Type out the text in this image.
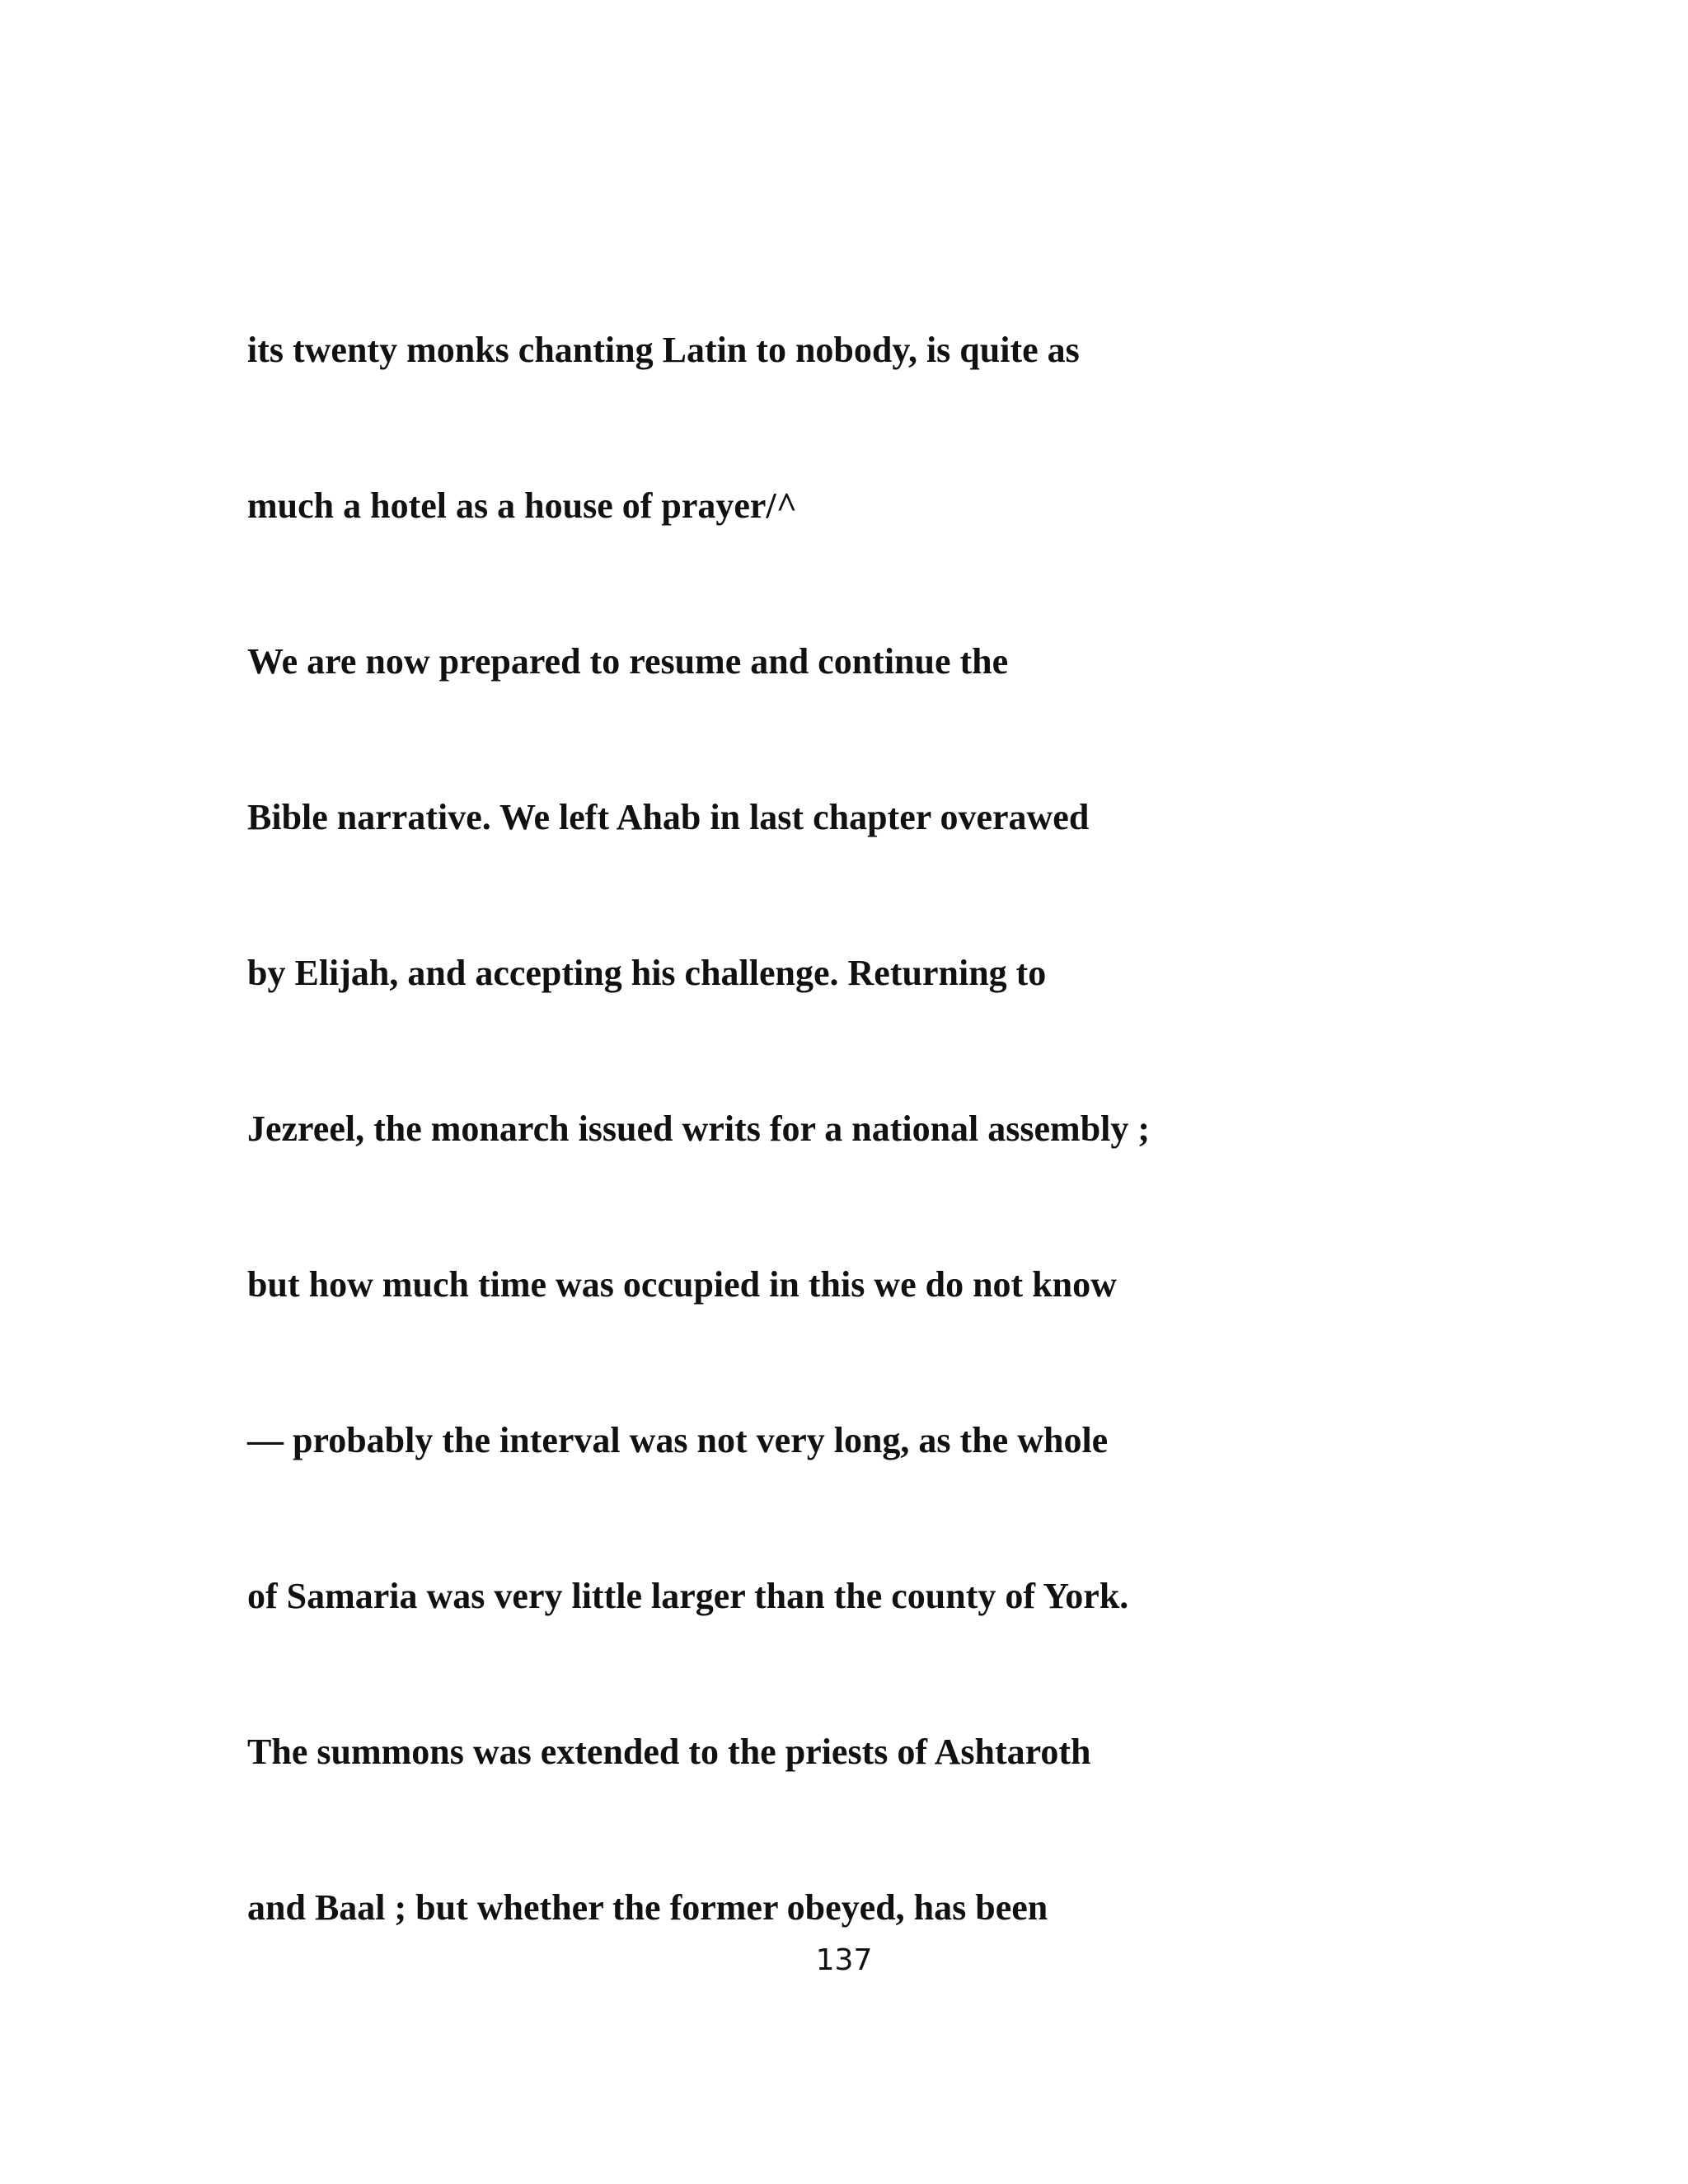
its twenty monks chanting Latin to nobody, is quite as
much a hotel as a house of prayer/^
We are now prepared to resume and continue the
Bible narrative. We left Ahab in last chapter overawed
by Elijah, and accepting his challenge. Returning to
Jezreel, the monarch issued writs for a national assembly ;
but how much time was occupied in this we do not know
— probably the interval was not very long, as the whole
of Samaria was very little larger than the county of York.
The summons was extended to the priests of Ashtaroth
and Baal ; but whether the former obeyed, has been
137
